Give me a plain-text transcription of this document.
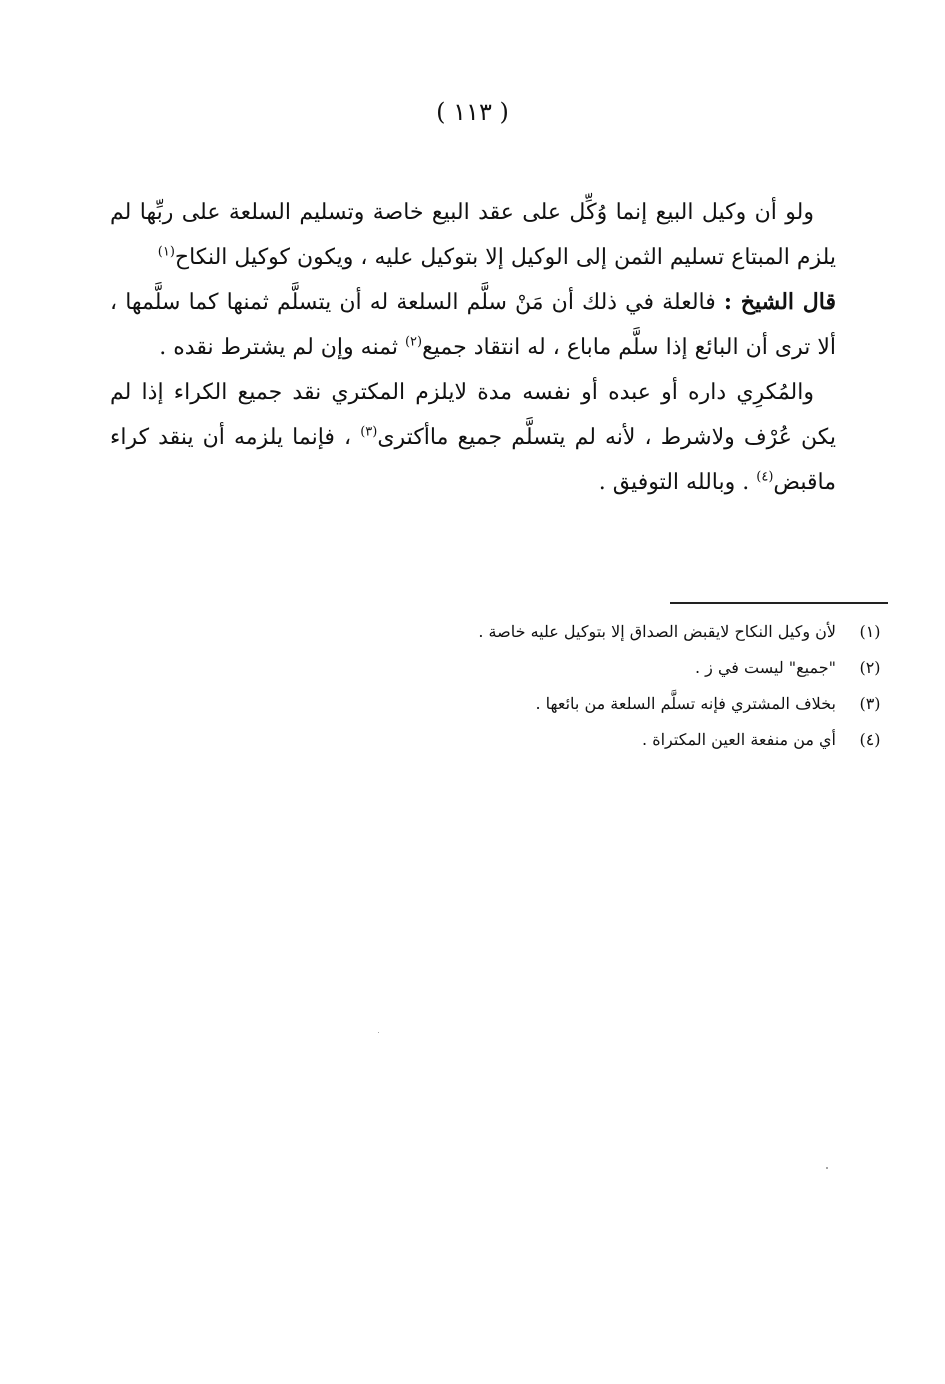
( ١١٣ )

ولو أن وكيل البيع إنما وُكِّل على عقد البيع خاصة وتسليم السلعة على ربِّها لم يلزم المبتاع تسليم الثمن إلى الوكيل إلا بتوكيل عليه ، ويكون كوكيل النكاح$^{(١)}$

قال الشيخ : فالعلة في ذلك أن مَنْ سلَّم السلعة له أن يتسلَّم ثمنها كما سلَّمها ، ألا ترى أن البائع إذا سلَّم ماباع ، له انتقاد جميع$^{(٢)}$ ثمنه وإن لم يشترط نقده .

والمُكرِي داره أو عبده أو نفسه مدة لايلزم المكتري نقد جميع الكراء إذا لم يكن عُرْف ولاشرط ، لأنه لم يتسلَّم جميع ماأكترى$^{(٣)}$ ، فإنما يلزمه أن ينقد كراء ماقبض$^{(٤)}$ . وبالله التوفيق .

(١)
لأن وكيل النكاح لايقبض الصداق إلا بتوكيل عليه خاصة .
(٢)
"جميع" ليست في ز .
(٣)
بخلاف المشتري فإنه تسلَّم السلعة من بائعها .
(٤)
أي من منفعة العين المكتراة .
